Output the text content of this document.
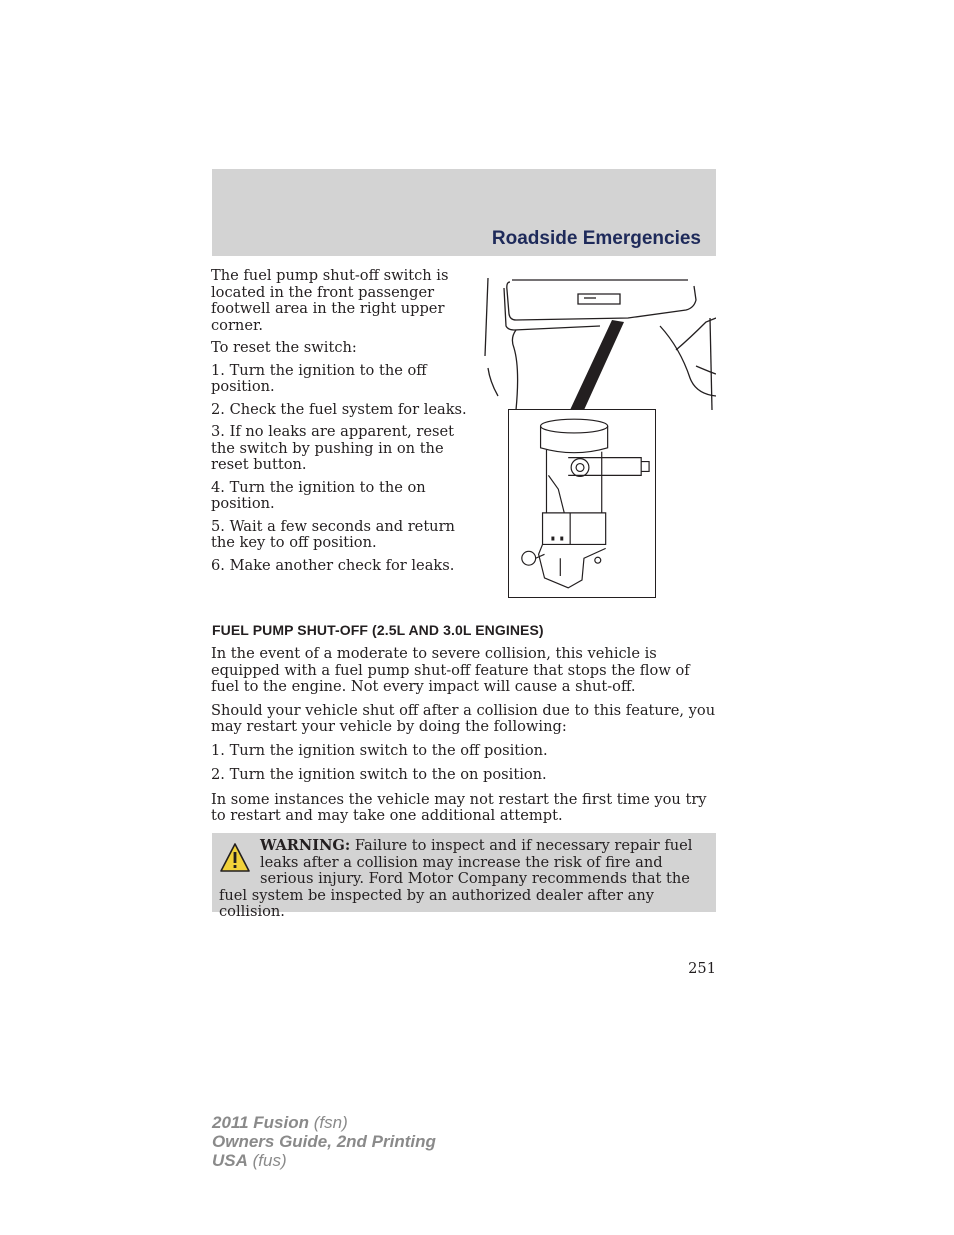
Roadside Emergencies

The fuel pump shut-off switch is located in the front passenger footwell area in the right upper corner.

To reset the switch:

1. Turn the ignition to the off position.

2. Check the fuel system for leaks.

3. If no leaks are apparent, reset the switch by pushing in on the reset button.

4. Turn the ignition to the on position.

5. Wait a few seconds and return the key to off position.

6. Make another check for leaks.

FUEL PUMP SHUT-OFF (2.5L AND 3.0L ENGINES)

In the event of a moderate to severe collision, this vehicle is equipped with a fuel pump shut-off feature that stops the flow of fuel to the engine. Not every impact will cause a shut-off.

Should your vehicle shut off after a collision due to this feature, you may restart your vehicle by doing the following:

1. Turn the ignition switch to the off position.

2. Turn the ignition switch to the on position.

In some instances the vehicle may not restart the first time you try to restart and may take one additional attempt.

WARNING: Failure to inspect and if necessary repair fuel leaks after a collision may increase the risk of fire and serious injury. Ford Motor Company recommends that the fuel system be inspected by an authorized dealer after any collision.
251
2011 Fusion (fsn)
Owners Guide, 2nd Printing
USA (fus)
